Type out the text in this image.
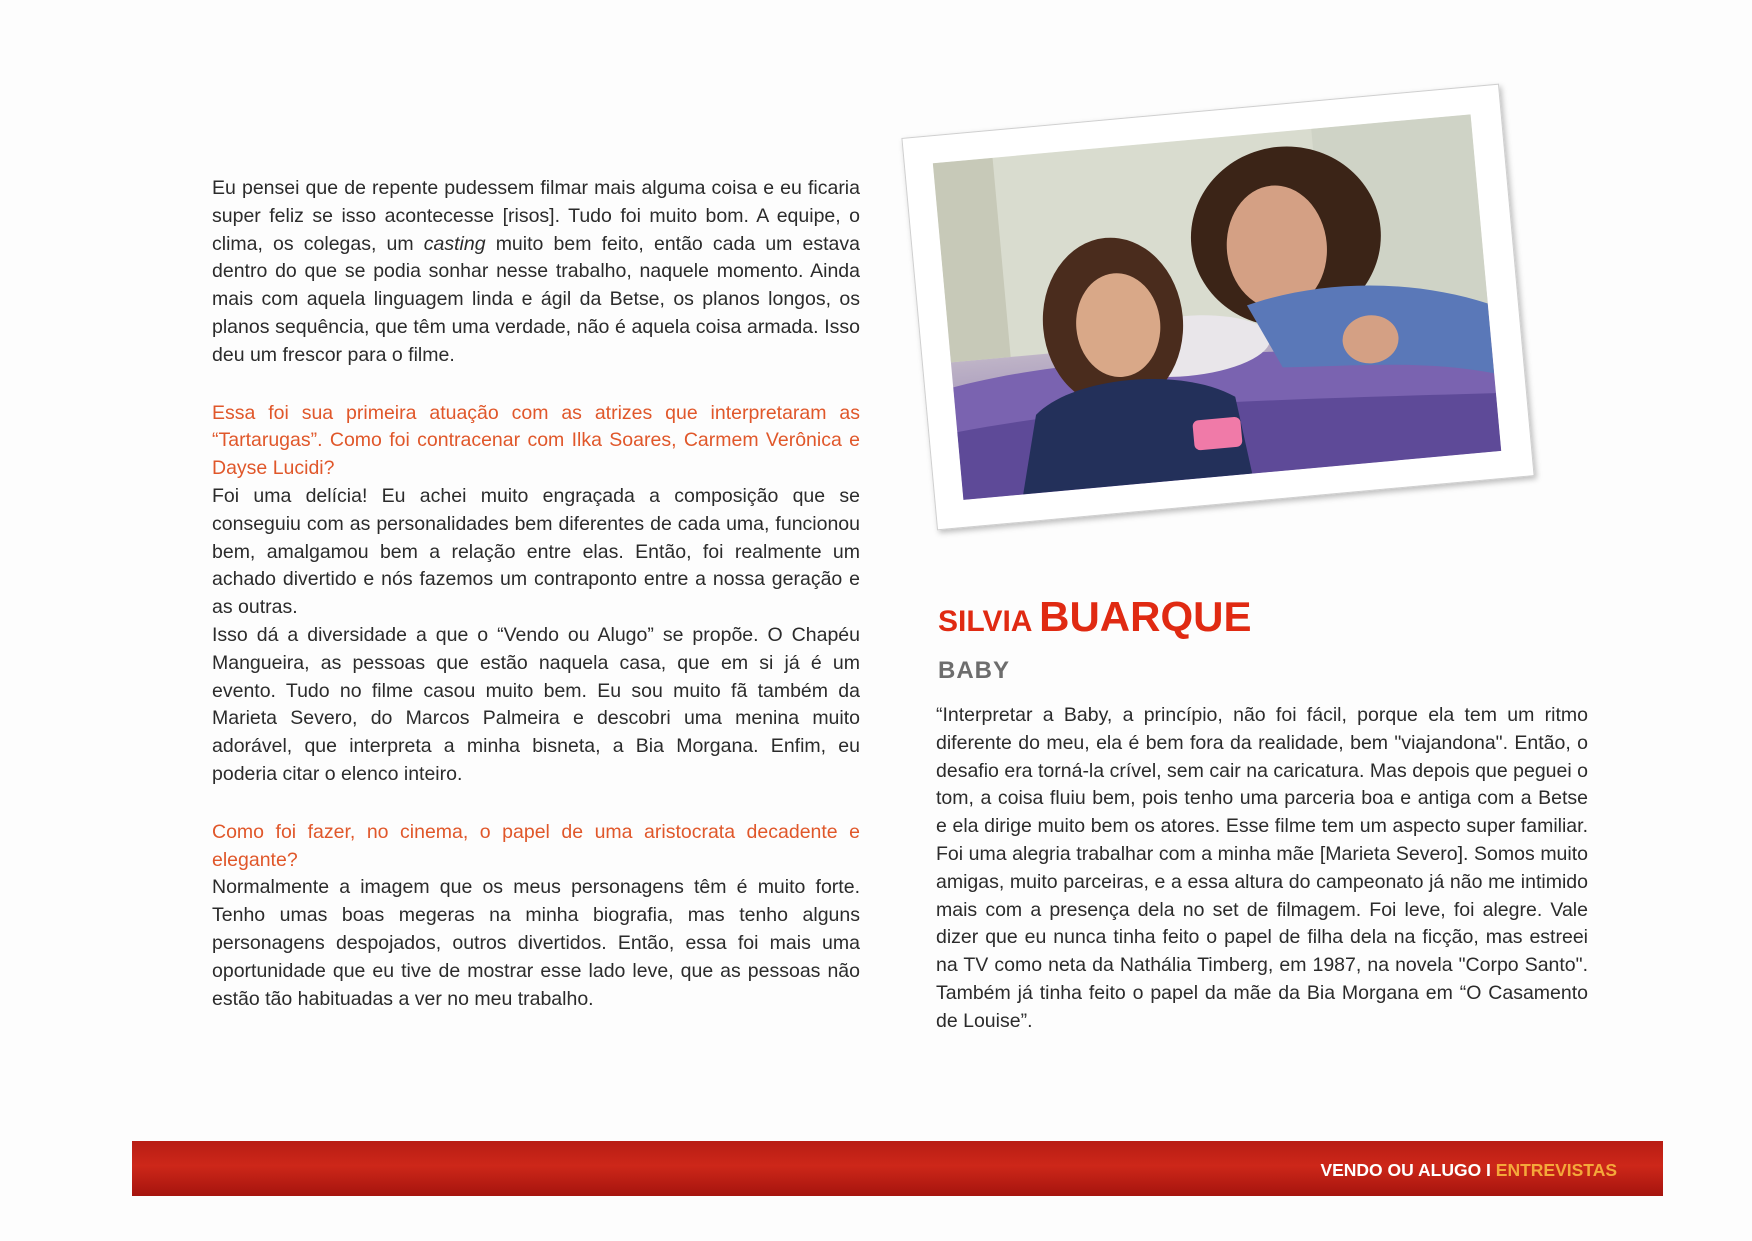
Eu pensei que de repente pudessem filmar mais alguma coisa e eu ficaria super feliz se isso acontecesse [risos]. Tudo foi muito bom. A equipe, o clima, os colegas, um casting muito bem feito, então cada um estava dentro do que se podia sonhar nesse trabalho, naquele momento. Ainda mais com aquela linguagem linda e ágil da Betse, os planos longos, os planos sequência, que têm uma verdade, não é aquela coisa armada. Isso deu um frescor para o filme.

Essa foi sua primeira atuação com as atrizes que interpretaram as “Tartarugas”. Como foi contracenar com Ilka Soares, Carmem Verônica e Dayse Lucidi?

Foi uma delícia! Eu achei muito engraçada a composição que se conseguiu com as personalidades bem diferentes de cada uma, funcionou bem, amalgamou bem a relação entre elas. Então, foi realmente um achado divertido e nós fazemos um contraponto entre a nossa geração e as outras.

Isso dá a diversidade a que o “Vendo ou Alugo” se propõe. O Chapéu Mangueira, as pessoas que estão naquela casa, que em si já é um evento. Tudo no filme casou muito bem. Eu sou muito fã também da Marieta Severo, do Marcos Palmeira e descobri uma menina muito adorável, que interpreta a minha bisneta, a Bia Morgana. Enfim, eu poderia citar o elenco inteiro.

Como foi fazer, no cinema, o papel de uma aristocrata decadente e elegante?

Normalmente a imagem que os meus personagens têm é muito forte. Tenho umas boas megeras na minha biografia, mas tenho alguns personagens despojados, outros divertidos. Então, essa foi mais uma oportunidade que eu tive de mostrar esse lado leve, que as pessoas não estão tão habituadas a ver no meu trabalho.

SILVIA BUARQUE
BABY

“Interpretar a Baby, a princípio, não foi fácil, porque ela tem um ritmo diferente do meu, ela é bem fora da realidade, bem "viajandona". Então, o desafio era torná-la crível, sem cair na caricatura. Mas depois que peguei o tom, a coisa fluiu bem, pois tenho uma parceria boa e antiga com a Betse e ela dirige muito bem os atores. Esse filme tem um aspecto super familiar. Foi uma alegria trabalhar com a minha mãe [Marieta Severo]. Somos muito amigas, muito parceiras, e a essa altura do campeonato já não me intimido mais com a presença dela no set de filmagem. Foi leve, foi alegre. Vale dizer que eu nunca tinha feito o papel de filha dela na ficção, mas estreei na TV como neta da Nathália Timberg, em 1987, na novela "Corpo Santo". Também já tinha feito o papel da mãe da Bia Morgana em “O Casamento de Louise”.

VENDO OU ALUGO I ENTREVISTAS
